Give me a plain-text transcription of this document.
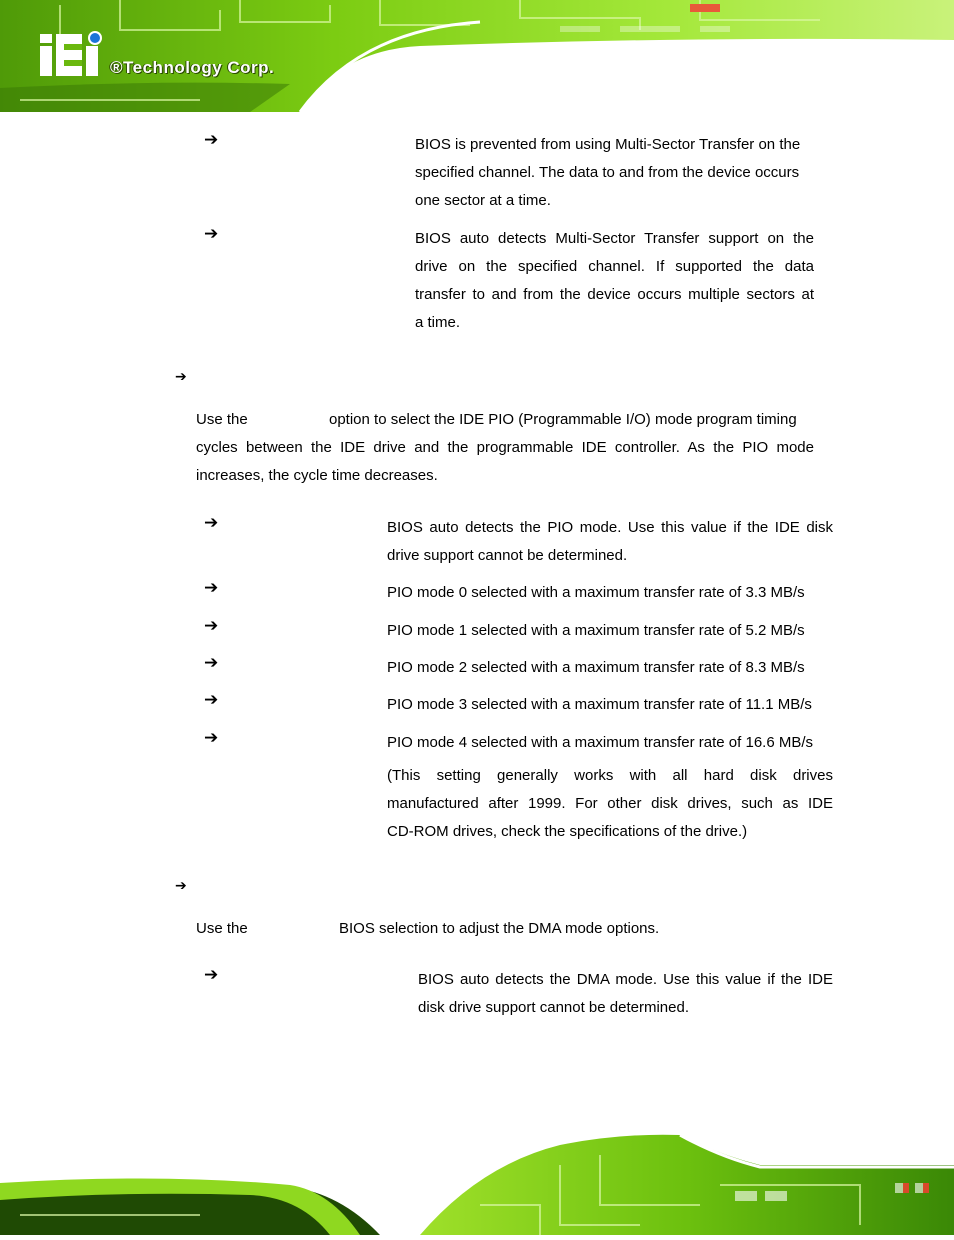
®Technology Corp.
➔	BIOS is prevented from using Multi-Sector Transfer on the
specified channel. The data to and from the device occurs
one sector at a time.
➔	BIOS auto detects Multi-Sector Transfer support on the
drive on the specified channel. If supported the data
transfer to and from the device occurs multiple sectors at
a time.
➔
Use the	option to select the IDE PIO (Programmable I/O) mode program timing
cycles between the IDE drive and the programmable IDE controller. As the PIO mode
increases, the cycle time decreases.
➔	BIOS auto detects the PIO mode. Use this value if the IDE disk
drive support cannot be determined.
➔	PIO mode 0 selected with a maximum transfer rate of 3.3 MB/s
➔	PIO mode 1 selected with a maximum transfer rate of 5.2 MB/s
➔	PIO mode 2 selected with a maximum transfer rate of 8.3 MB/s
➔	PIO mode 3 selected with a maximum transfer rate of 11.1 MB/s
➔	PIO mode 4 selected with a maximum transfer rate of 16.6 MB/s
(This setting generally works with all hard disk drives
manufactured after 1999. For other disk drives, such as IDE
CD-ROM drives, check the specifications of the drive.)
➔
Use the	BIOS selection to adjust the DMA mode options.
➔	BIOS auto detects the DMA mode. Use this value if the IDE
disk drive support cannot be determined.
